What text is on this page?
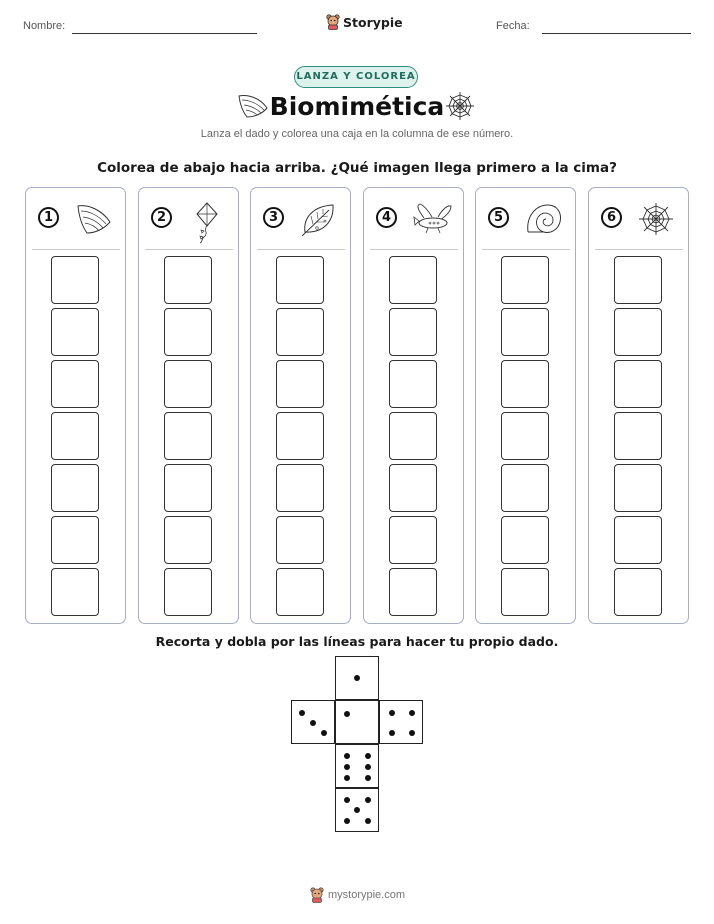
Nombre:	Storypie	Fecha:
LANZA Y COLOREA
Biomimética
Lanza el dado y colorea una caja en la columna de ese número.
Colorea de abajo hacia arriba. ¿Qué imagen llega primero a la cima?
1	2	3	4	5	6
Recorta y dobla por las líneas para hacer tu propio dado.
mystorypie.com
